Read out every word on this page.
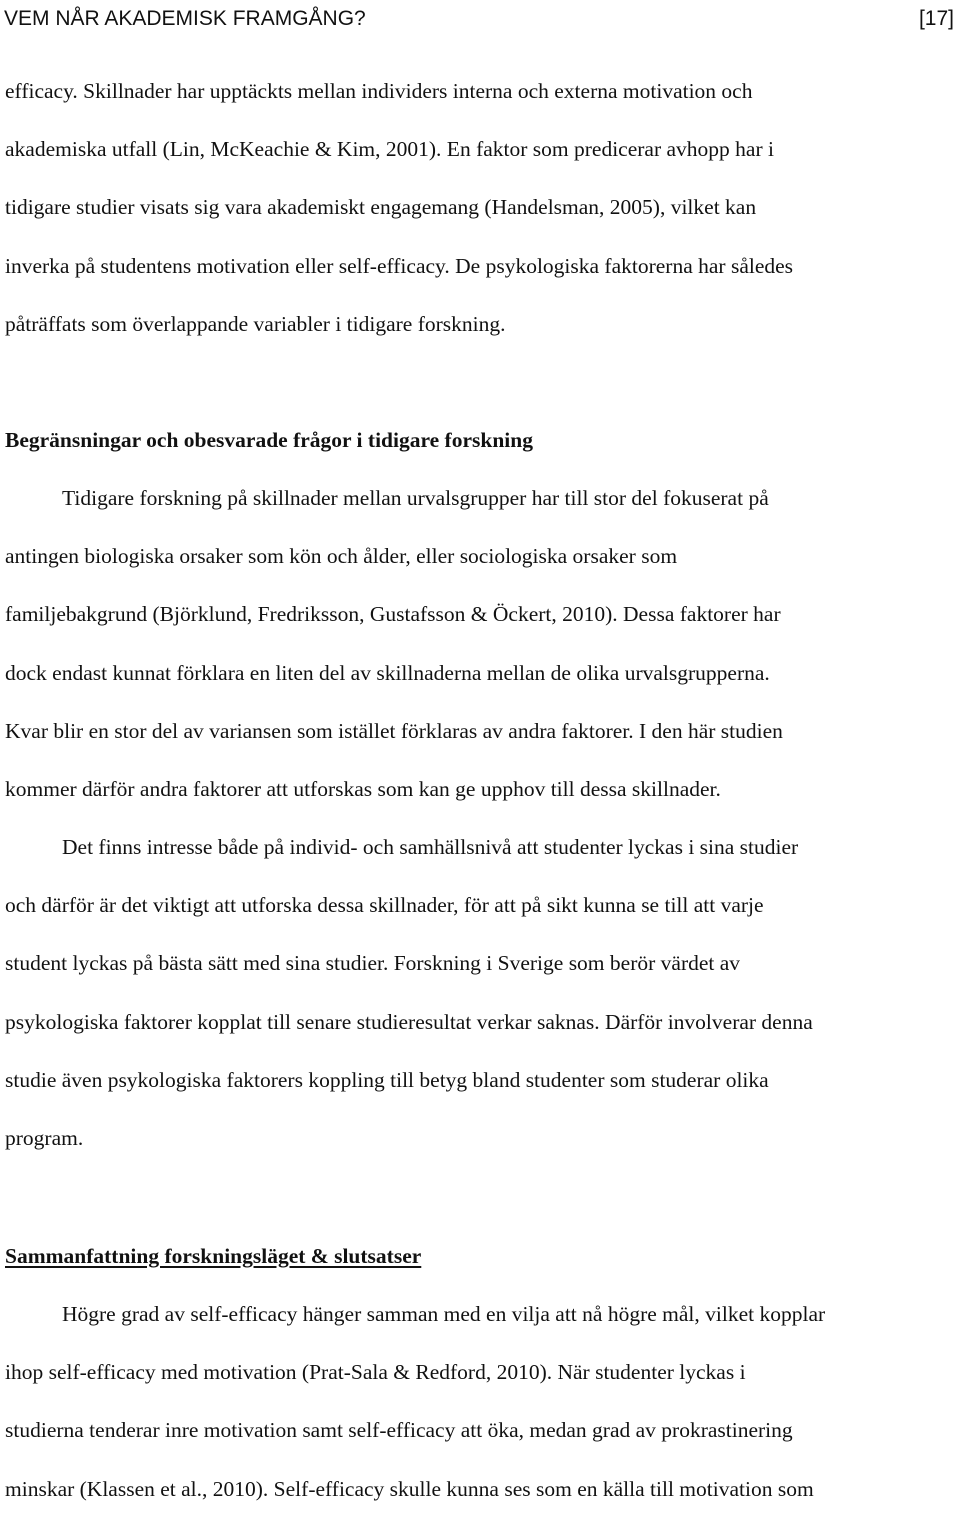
VEM NÅR AKADEMISK FRAMGÅNG?	[17]
efficacy. Skillnader har upptäckts mellan individers interna och externa motivation och
akademiska utfall (Lin, McKeachie & Kim, 2001). En faktor som predicerar avhopp har i
tidigare studier visats sig vara akademiskt engagemang (Handelsman, 2005), vilket kan
inverka på studentens motivation eller self-efficacy. De psykologiska faktorerna har således
påträffats som överlappande variabler i tidigare forskning.
Begränsningar och obesvarade frågor i tidigare forskning
Tidigare forskning på skillnader mellan urvalsgrupper har till stor del fokuserat på
antingen biologiska orsaker som kön och ålder, eller sociologiska orsaker som
familjebakgrund (Björklund, Fredriksson, Gustafsson & Öckert, 2010). Dessa faktorer har
dock endast kunnat förklara en liten del av skillnaderna mellan de olika urvalsgrupperna.
Kvar blir en stor del av variansen som istället förklaras av andra faktorer. I den här studien
kommer därför andra faktorer att utforskas som kan ge upphov till dessa skillnader.
Det finns intresse både på individ- och samhällsnivå att studenter lyckas i sina studier
och därför är det viktigt att utforska dessa skillnader, för att på sikt kunna se till att varje
student lyckas på bästa sätt med sina studier. Forskning i Sverige som berör värdet av
psykologiska faktorer kopplat till senare studieresultat verkar saknas. Därför involverar denna
studie även psykologiska faktorers koppling till betyg bland studenter som studerar olika
program.
Sammanfattning forskningsläget & slutsatser
Högre grad av self-efficacy hänger samman med en vilja att nå högre mål, vilket kopplar
ihop self-efficacy med motivation (Prat-Sala & Redford, 2010). När studenter lyckas i
studierna tenderar inre motivation samt self-efficacy att öka, medan grad av prokrastinering
minskar (Klassen et al., 2010). Self-efficacy skulle kunna ses som en källa till motivation som
